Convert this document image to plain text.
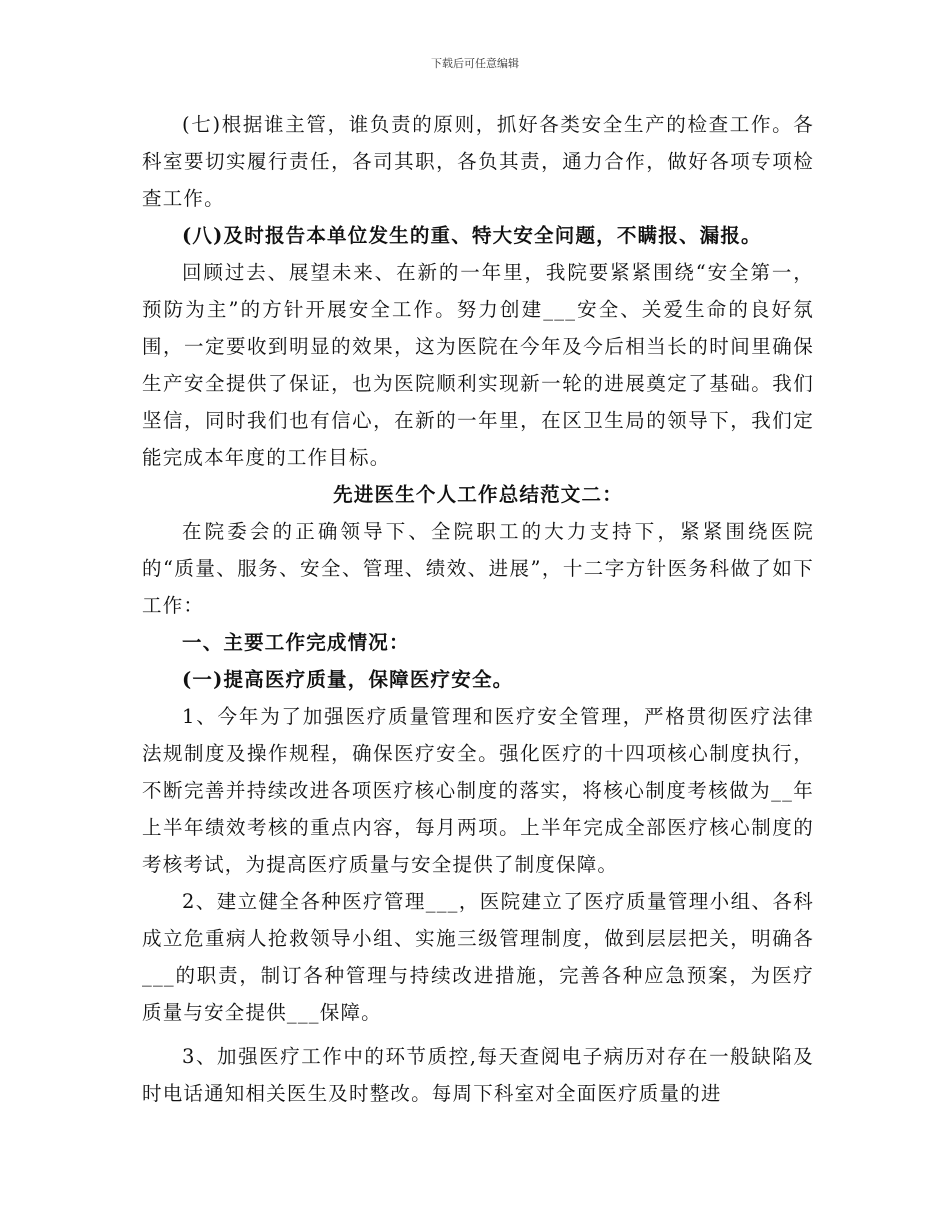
下载后可任意编辑

(七)根据谁主管，谁负责的原则，抓好各类安全生产的检查工作。各科室要切实履行责任，各司其职，各负其责，通力合作，做好各项专项检查工作。

(八)及时报告本单位发生的重、特大安全问题，不瞒报、漏报。

回顾过去、展望未来、在新的一年里，我院要紧紧围绕“安全第一，预防为主”的方针开展安全工作。努力创建___安全、关爱生命的良好氛围，一定要收到明显的效果，这为医院在今年及今后相当长的时间里确保生产安全提供了保证，也为医院顺利实现新一轮的进展奠定了基础。我们坚信，同时我们也有信心，在新的一年里，在区卫生局的领导下，我们定能完成本年度的工作目标。

先进医生个人工作总结范文二：

在院委会的正确领导下、全院职工的大力支持下，紧紧围绕医院的“质量、服务、安全、管理、绩效、进展”，十二字方针医务科做了如下工作：

一、主要工作完成情况：

(一)提高医疗质量，保障医疗安全。

1、今年为了加强医疗质量管理和医疗安全管理，严格贯彻医疗法律法规制度及操作规程，确保医疗安全。强化医疗的十四项核心制度执行，不断完善并持续改进各项医疗核心制度的落实，将核心制度考核做为__年上半年绩效考核的重点内容，每月两项。上半年完成全部医疗核心制度的考核考试，为提高医疗质量与安全提供了制度保障。

2、建立健全各种医疗管理___，医院建立了医疗质量管理小组、各科成立危重病人抢救领导小组、实施三级管理制度，做到层层把关，明确各___的职责，制订各种管理与持续改进措施，完善各种应急预案，为医疗质量与安全提供___保障。

3、加强医疗工作中的环节质控,每天查阅电子病历对存在一般缺陷及时电话通知相关医生及时整改。每周下科室对全面医疗质量的进
